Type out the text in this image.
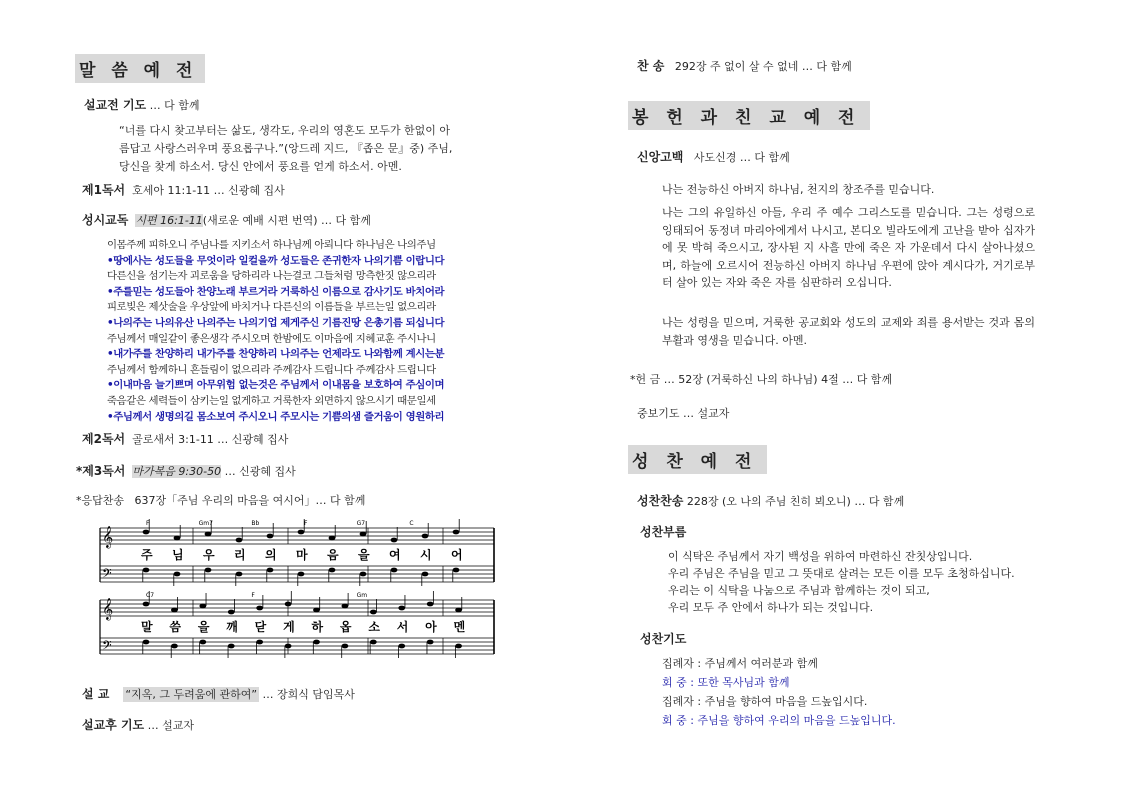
말 씀 예 전
설교전 기도 … 다 함께
“너를 다시 찾고부터는 삶도, 생각도, 우리의 영혼도 모두가 한없이 아
름답고 사랑스러우며 풍요롭구나.”(앙드레 지드, 『좁은 문』중) 주님,
당신을 찾게 하소서. 당신 안에서 풍요를 얻게 하소서. 아멘.
제1독서 호세아 11:1-11 … 신광혜 집사
성시교독 시편 16:1-11(새로운 예배 시편 번역) … 다 함께
이몸주께 피하오니 주님나를 지키소서 하나님께 아뢰니다 하나님은 나의주님
•땅에사는 성도들을 무엇이라 일컬을까 성도들은 존귀한자 나의기쁨 이랍니다
다른신을 섬기는자 괴로움을 당하리라 나는결코 그들처럼 망측한짓 않으리라
•주를믿는 성도들아 찬양노래 부르거라 거룩하신 이름으로 감사기도 바치어라
피로빚은 제삿술을 우상앞에 바치거나 다른신의 이름들을 부르는일 없으리라
•나의주는 나의유산 나의주는 나의기업 제게주신 기름진땅 은총기름 되십니다
주님께서 매일같이 좋은생각 주시오며 한밤에도 이마음에 지혜교훈 주시나니
•내가주를 찬양하리 내가주를 찬양하리 나의주는 언제라도 나와함께 계시는분
주님께서 함께하니 흔들림이 없으리라 주께감사 드립니다 주께감사 드립니다
•이내마음 늘기쁘며 아무위험 없는것은 주님께서 이내몸을 보호하여 주심이며
죽음같은 세력들이 삼키는일 없게하고 거룩한자 외면하지 않으시기 때문일세
•주님께서 생명의길 몸소보여 주시오니 주모시는 기쁨의샘 즐거움이 영원하리
제2독서 골로새서 3:1-11 … 신광혜 집사
*제3독서 마가복음 9:30-50 … 신광혜 집사
*응답찬송 637장「주님 우리의 마음을 여시어」… 다 함께
𝄞
𝄢
주 님 우 리 의 마 음 을 여 시 어
F	Gm7	Bb	F	G7	C
𝄞
𝄢
말 씀 을 깨 닫 게 하 옵 소 서 아 멘
C7	F	Gm
설 교 “지옥, 그 두려움에 관하여” … 장희식 담임목사
설교후 기도 … 설교자
찬 송 292장 주 없이 살 수 없네 … 다 함께
봉 헌 과 친 교 예 전
신앙고백 사도신경 … 다 함께
나는 전능하신 아버지 하나님, 천지의 창조주를 믿습니다.
나는 그의 유일하신 아들, 우리 주 예수 그리스도를 믿습니다. 그는 성령으로 잉태되어 동정녀 마리아에게서 나시고, 본디오 빌라도에게 고난을 받아 십자가에 못 박혀 죽으시고, 장사된 지 사흘 만에 죽은 자 가운데서 다시 살아나셨으며, 하늘에 오르시어 전능하신 아버지 하나님 우편에 앉아 계시다가, 거기로부터 살아 있는 자와 죽은 자를 심판하러 오십니다.
나는 성령을 믿으며, 거룩한 공교회와 성도의 교제와 죄를 용서받는 것과 몸의 부활과 영생을 믿습니다. 아멘.
*헌 금 … 52장 (거룩하신 나의 하나님) 4절 … 다 함께
중보기도 … 설교자
성 찬 예 전
성찬찬송 228장 (오 나의 주님 친히 뵈오니) … 다 함께
성찬부름
이 식탁은 주님께서 자기 백성을 위하여 마련하신 잔칫상입니다.
우리 주님은 주님을 믿고 그 뜻대로 살려는 모든 이를 모두 초청하십니다.
우리는 이 식탁을 나눔으로 주님과 함께하는 것이 되고,
우리 모두 주 안에서 하나가 되는 것입니다.
성찬기도
집례자 : 주님께서 여러분과 함께
회 중 : 또한 목사님과 함께
집례자 : 주님을 향하여 마음을 드높입시다.
회 중 : 주님을 향하여 우리의 마음을 드높입니다.
